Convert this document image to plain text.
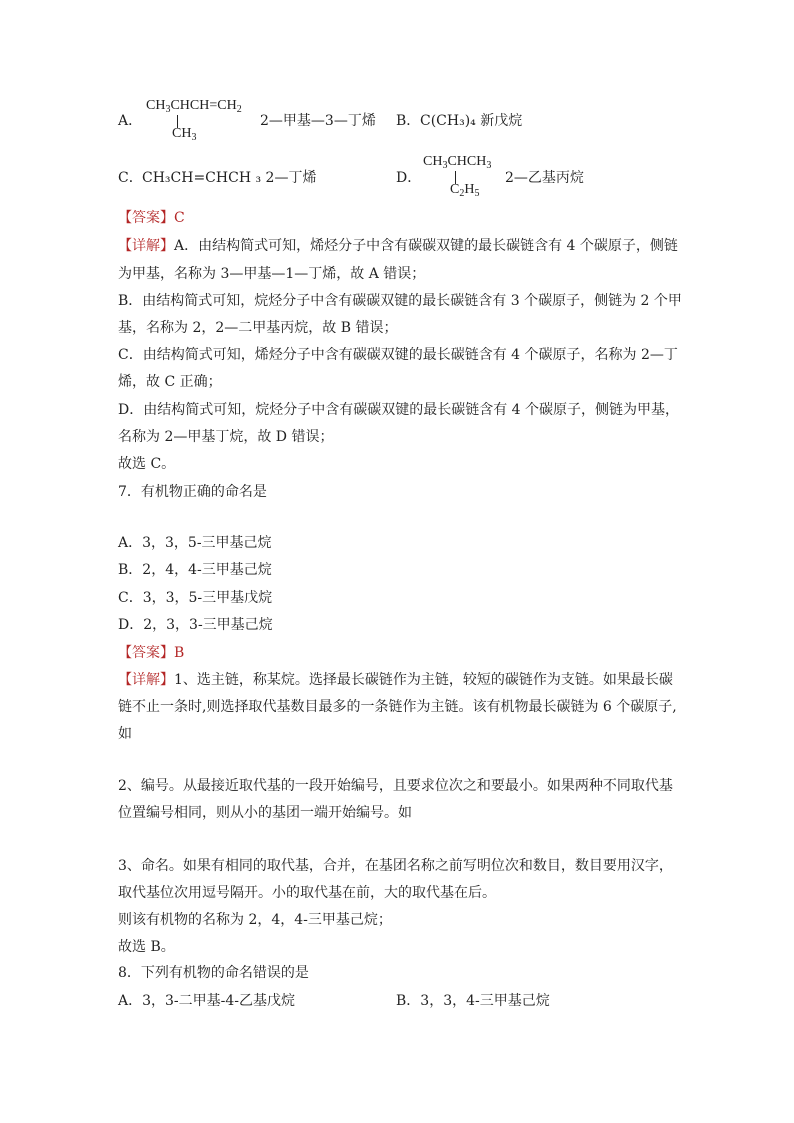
A．
$CH_3CHCH=CH_2$
$CH_3$
2—甲基—3—丁烯 B． C(CH₃)₄ 新戊烷
C． CH₃CH=CHCH ₃ 2—丁烯	D．
$CH_3CHCH_3$
$C_2H_5$
2—乙基丙烷
【答案】C
【详解】A．由结构简式可知，烯烃分子中含有碳碳双键的最长碳链含有 4 个碳原子，侧链
为甲基，名称为 3—甲基—1—丁烯，故 A 错误；
B．由结构简式可知，烷烃分子中含有碳碳双键的最长碳链含有 3 个碳原子，侧链为 2 个甲
基，名称为 2，2—二甲基丙烷，故 B 错误；
C．由结构简式可知，烯烃分子中含有碳碳双键的最长碳链含有 4 个碳原子，名称为 2—丁
烯，故 C 正确；
D．由结构简式可知，烷烃分子中含有碳碳双键的最长碳链含有 4 个碳原子，侧链为甲基，
名称为 2—甲基丁烷，故 D 错误；
故选 C。
7．有机物正确的命名是
A．3，3，5-三甲基己烷
B．2，4，4-三甲基己烷
C．3，3，5-三甲基戊烷
D．2，3，3-三甲基己烷
【答案】B
【详解】1、选主链，称某烷。选择最长碳链作为主链，较短的碳链作为支链。如果最长碳
链不止一条时,则选择取代基数目最多的一条链作为主链。该有机物最长碳链为 6 个碳原子,
如
2、编号。从最接近取代基的一段开始编号，且要求位次之和要最小。如果两种不同取代基
位置编号相同，则从小的基团一端开始编号。如
3、命名。如果有相同的取代基，合并，在基团名称之前写明位次和数目，数目要用汉字，
取代基位次用逗号隔开。小的取代基在前，大的取代基在后。
则该有机物的名称为 2，4，4-三甲基己烷；
故选 B。
8．下列有机物的命名错误的是
A．3，3-二甲基-4-乙基戊烷	B．3，3，4-三甲基己烷
